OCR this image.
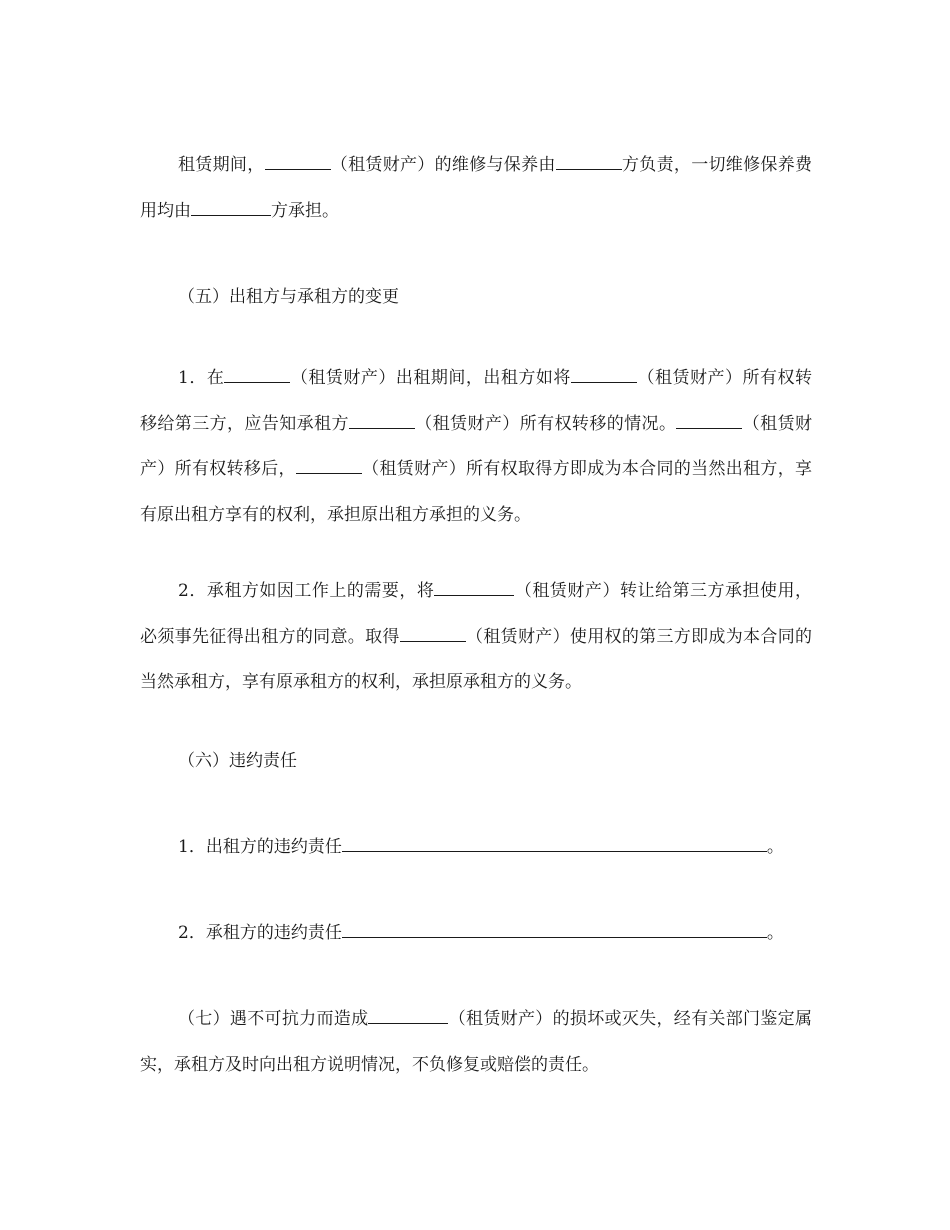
租赁期间，	（租赁财产）的维修与保养由	方负责，一切维修保养费用均由	方承担。

（五）出租方与承租方的变更

1．在	（租赁财产）出租期间，出租方如将	（租赁财产）所有权转移给第三方，应告知承租方	（租赁财产）所有权转移的情况。	（租赁财产）所有权转移后，	（租赁财产）所有权取得方即成为本合同的当然出租方，享有原出租方享有的权利，承担原出租方承担的义务。

2．承租方如因工作上的需要，将	（租赁财产）转让给第三方承担使用，必须事先征得出租方的同意。取得	（租赁财产）使用权的第三方即成为本合同的当然承租方，享有原承租方的权利，承担原承租方的义务。

（六）违约责任

1．出租方的违约责任	。

2．承租方的违约责任	。

（七）遇不可抗力而造成	（租赁财产）的损坏或灭失，经有关部门鉴定属实，承租方及时向出租方说明情况，不负修复或赔偿的责任。
